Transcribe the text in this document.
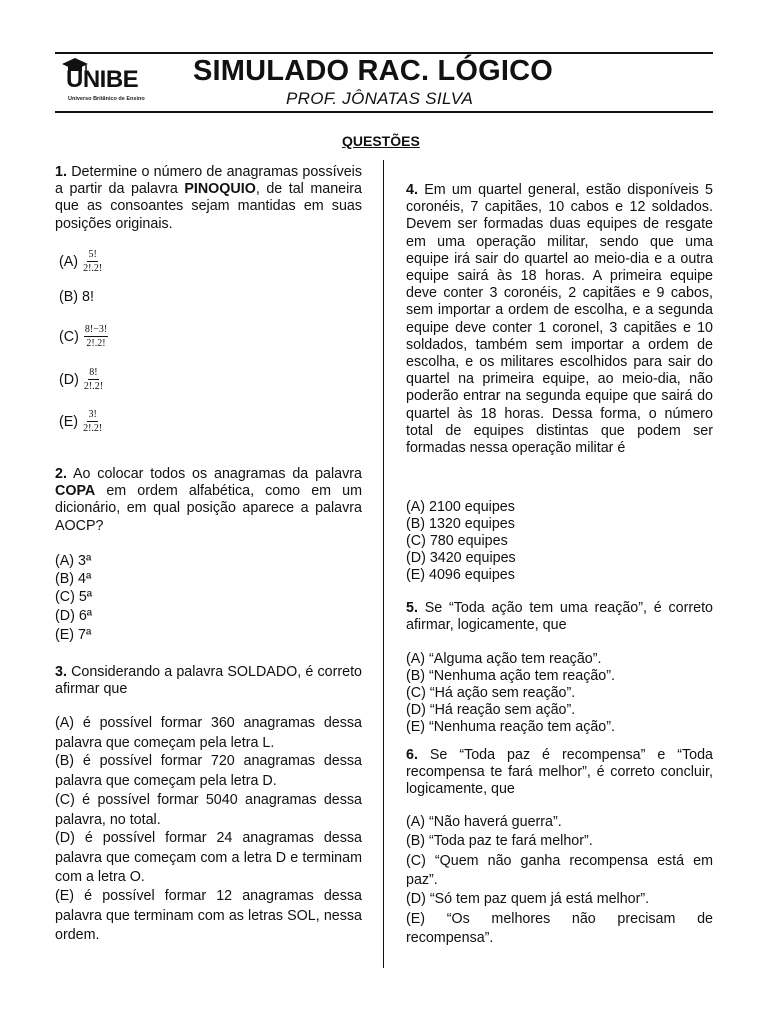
UNIBE
Universo Britânico de Ensino
SIMULADO RAC. LÓGICO
PROF. JÔNATAS SILVA
QUESTÕES
1. Determine o número de anagramas possíveis a partir da palavra PINOQUIO, de tal maneira que as consoantes sejam mantidas em suas posições originais.
$(A) \frac{5!}{2!.2!}$
(B) 8!
$(C) \frac{8!-3!}{2!.2!}$
$(D) \frac{8!}{2!.2!}$
$(E) \frac{3!}{2!.2!}$
2. Ao colocar todos os anagramas da palavra COPA em ordem alfabética, como em um dicionário, em qual posição aparece a palavra AOCP?
(A) 3ª
(B) 4ª
(C) 5ª
(D) 6ª
(E) 7ª
3. Considerando a palavra SOLDADO, é correto afirmar que
(A) é possível formar 360 anagramas dessa palavra que começam pela letra L.
(B) é possível formar 720 anagramas dessa palavra que começam pela letra D.
(C) é possível formar 5040 anagramas dessa palavra, no total.
(D) é possível formar 24 anagramas dessa palavra que começam com a letra D e terminam com a letra O.
(E) é possível formar 12 anagramas dessa palavra que terminam com as letras SOL, nessa ordem.
4. Em um quartel general, estão disponíveis 5 coronéis, 7 capitães, 10 cabos e 12 soldados. Devem ser formadas duas equipes de resgate em uma operação militar, sendo que uma equipe irá sair do quartel ao meio-dia e a outra equipe sairá às 18 horas. A primeira equipe deve conter 3 coronéis, 2 capitães e 9 cabos, sem importar a ordem de escolha, e a segunda equipe deve conter 1 coronel, 3 capitães e 10 soldados, também sem importar a ordem de escolha, e os militares escolhidos para sair do quartel na primeira equipe, ao meio-dia, não poderão entrar na segunda equipe que sairá do quartel às 18 horas. Dessa forma, o número total de equipes distintas que podem ser formadas nessa operação militar é
(A) 2100 equipes
(B) 1320 equipes
(C) 780 equipes
(D) 3420 equipes
(E) 4096 equipes
5. Se “Toda ação tem uma reação”, é correto afirmar, logicamente, que
(A) “Alguma ação tem reação”.
(B) “Nenhuma ação tem reação”.
(C) “Há ação sem reação”.
(D) “Há reação sem ação”.
(E) “Nenhuma reação tem ação”.
6. Se “Toda paz é recompensa” e “Toda recompensa te fará melhor”, é correto concluir, logicamente, que
(A) “Não haverá guerra”.
(B) “Toda paz te fará melhor”.
(C) “Quem não ganha recompensa está em paz”.
(D) “Só tem paz quem já está melhor”.
(E) “Os melhores não precisam de recompensa”.
